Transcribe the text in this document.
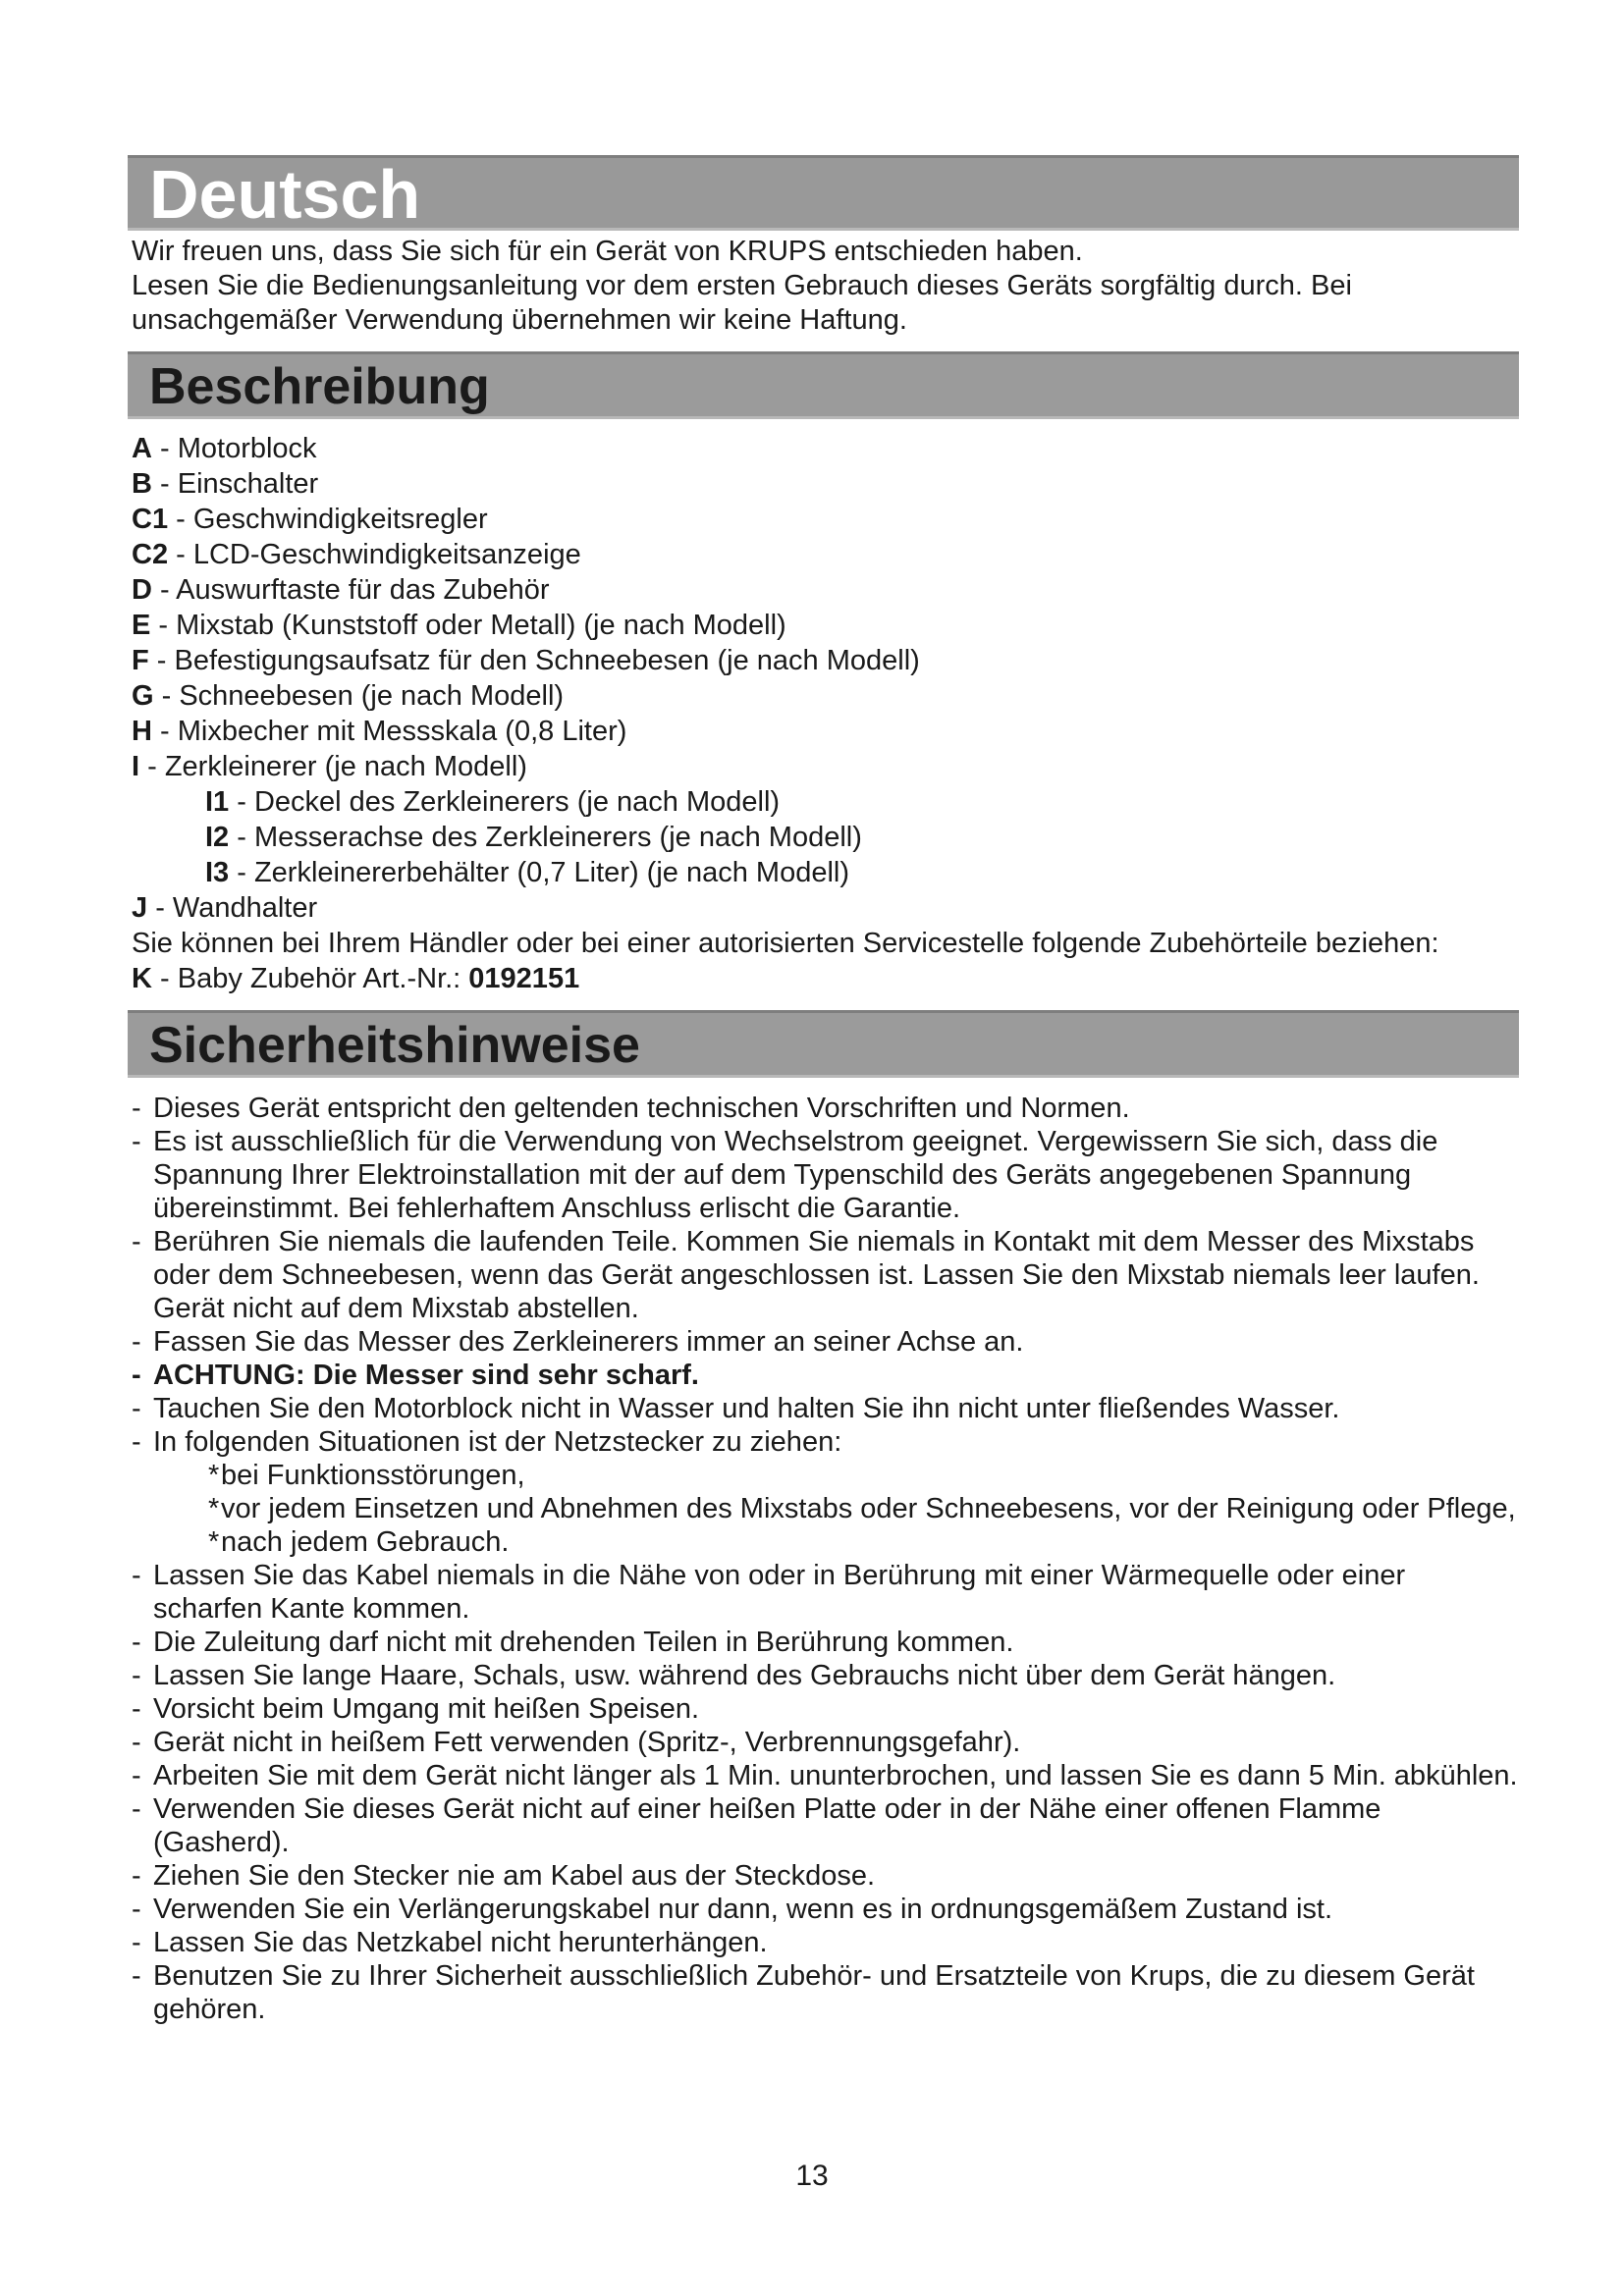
Deutsch
Wir freuen uns, dass Sie sich für ein Gerät von KRUPS entschieden haben.
Lesen Sie die Bedienungsanleitung vor dem ersten Gebrauch dieses Geräts sorgfältig durch. Bei unsachgemäßer Verwendung übernehmen wir keine Haftung.
Beschreibung
A - Motorblock
B - Einschalter
C1 - Geschwindigkeitsregler
C2 - LCD-Geschwindigkeitsanzeige
D - Auswurftaste für das Zubehör
E - Mixstab (Kunststoff oder Metall) (je nach Modell)
F - Befestigungsaufsatz für den Schneebesen (je nach Modell)
G - Schneebesen (je nach Modell)
H - Mixbecher mit Messskala (0,8 Liter)
I - Zerkleinerer (je nach Modell)
I1 - Deckel des Zerkleinerers (je nach Modell)
I2 - Messerachse des Zerkleinerers (je nach Modell)
I3 - Zerkleinererbehälter (0,7 Liter) (je nach Modell)
J - Wandhalter
Sie können bei Ihrem Händler oder bei einer autorisierten Servicestelle folgende Zubehörteile beziehen:
K - Baby Zubehör Art.-Nr.: 0192151
Sicherheitshinweise
- Dieses Gerät entspricht den geltenden technischen Vorschriften und Normen.
- Es ist ausschließlich für die Verwendung von Wechselstrom geeignet. Vergewissern Sie sich, dass die Spannung Ihrer Elektroinstallation mit der auf dem Typenschild des Geräts angegebenen Spannung übereinstimmt. Bei fehlerhaftem Anschluss erlischt die Garantie.
- Berühren Sie niemals die laufenden Teile. Kommen Sie niemals in Kontakt mit dem Messer des Mixstabs oder dem Schneebesen, wenn das Gerät angeschlossen ist. Lassen Sie den Mixstab niemals leer laufen. Gerät nicht auf dem Mixstab abstellen.
- Fassen Sie das Messer des Zerkleinerers immer an seiner Achse an.
- ACHTUNG: Die Messer sind sehr scharf.
- Tauchen Sie den Motorblock nicht in Wasser und halten Sie ihn nicht unter fließendes Wasser.
- In folgenden Situationen ist der Netzstecker zu ziehen:
* bei Funktionsstörungen,
* vor jedem Einsetzen und Abnehmen des Mixstabs oder Schneebesens, vor der Reinigung oder Pflege,
* nach jedem Gebrauch.
- Lassen Sie das Kabel niemals in die Nähe von oder in Berührung mit einer Wärmequelle oder einer scharfen Kante kommen.
- Die Zuleitung darf nicht mit drehenden Teilen in Berührung kommen.
- Lassen Sie lange Haare, Schals, usw. während des Gebrauchs nicht über dem Gerät hängen.
- Vorsicht beim Umgang mit heißen Speisen.
- Gerät nicht in heißem Fett verwenden (Spritz-, Verbrennungsgefahr).
- Arbeiten Sie mit dem Gerät nicht länger als 1 Min. ununterbrochen, und lassen Sie es dann 5 Min. abkühlen.
- Verwenden Sie dieses Gerät nicht auf einer heißen Platte oder in der Nähe einer offenen Flamme (Gasherd).
- Ziehen Sie den Stecker nie am Kabel aus der Steckdose.
- Verwenden Sie ein Verlängerungskabel nur dann, wenn es in ordnungsgemäßem Zustand ist.
- Lassen Sie das Netzkabel nicht herunterhängen.
- Benutzen Sie zu Ihrer Sicherheit ausschließlich Zubehör- und Ersatzteile von Krups, die zu diesem Gerät gehören.
13
